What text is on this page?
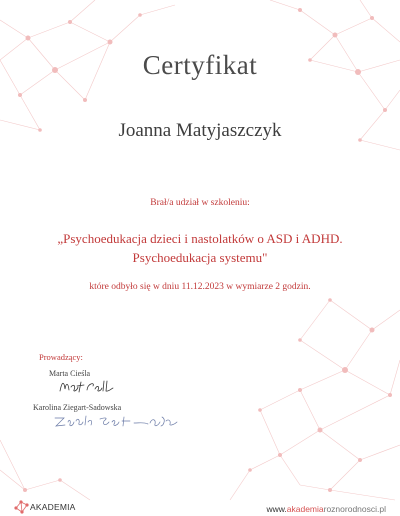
Certyfikat
Joanna Matyjaszczyk
Brał/a udział w szkoleniu:
„Psychoedukacja dzieci i nastolatków o ASD i ADHD.
Psychoedukacja systemu"
które odbyło się w dniu 11.12.2023 w wymiarze 2 godzin.
Prowadzący:
Marta Cieśla
Karolina Ziegart-Sadowska
AKADEMIA	www.akademiaroznorodnosci.pl
